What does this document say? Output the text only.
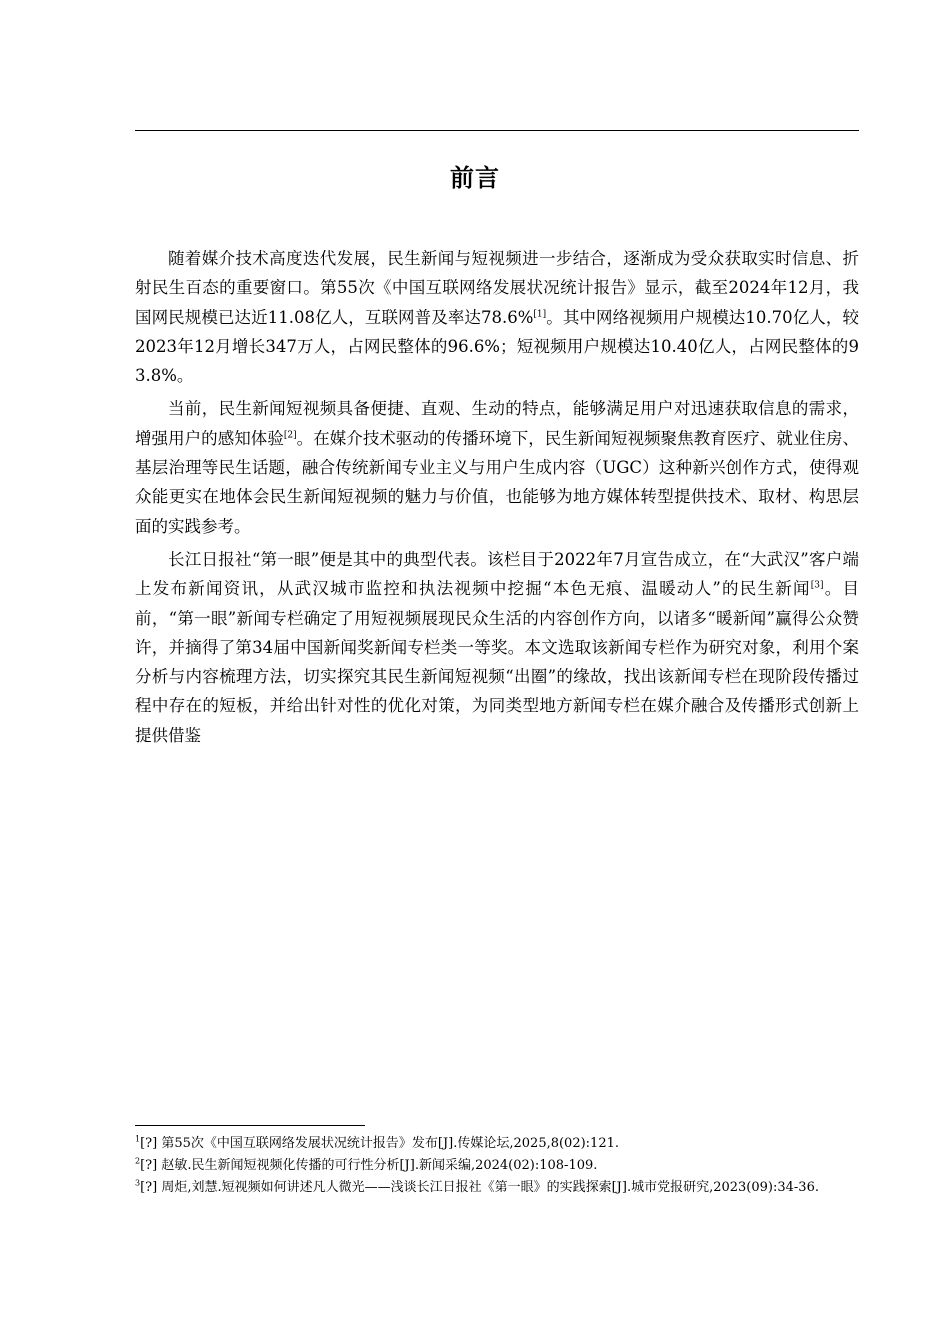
前言

随着媒介技术高度迭代发展，民生新闻与短视频进一步结合，逐渐成为受众获取实时信息、折射民生百态的重要窗口。第55次《中国互联网络发展状况统计报告》显示，截至2024年12月，我国网民规模已达近11.08亿人，互联网普及率达78.6%[1]。其中网络视频用户规模达10.70亿人，较2023年12月增长347万人，占网民整体的96.6%；短视频用户规模达10.40亿人，占网民整体的93.8%。

当前，民生新闻短视频具备便捷、直观、生动的特点，能够满足用户对迅速获取信息的需求，增强用户的感知体验[2]。在媒介技术驱动的传播环境下，民生新闻短视频聚焦教育医疗、就业住房、基层治理等民生话题，融合传统新闻专业主义与用户生成内容（UGC）这种新兴创作方式，使得观众能更实在地体会民生新闻短视频的魅力与价值，也能够为地方媒体转型提供技术、取材、构思层面的实践参考。

长江日报社“第一眼”便是其中的典型代表。该栏目于2022年7月宣告成立，在“大武汉”客户端上发布新闻资讯，从武汉城市监控和执法视频中挖掘“本色无痕、温暖动人”的民生新闻[3]。目前，“第一眼”新闻专栏确定了用短视频展现民众生活的内容创作方向，以诸多“暖新闻”赢得公众赞许，并摘得了第34届中国新闻奖新闻专栏类一等奖。本文选取该新闻专栏作为研究对象，利用个案分析与内容梳理方法，切实探究其民生新闻短视频“出圈”的缘故，找出该新闻专栏在现阶段传播过程中存在的短板，并给出针对性的优化对策，为同类型地方新闻专栏在媒介融合及传播形式创新上提供借鉴

$^1$[?] 第55次《中国互联网络发展状况统计报告》发布[J].传媒论坛,2025,8(02):121.

$^2$[?] 赵敏.民生新闻短视频化传播的可行性分析[J].新闻采编,2024(02):108-109.

$^3$[?] 周炬,刘慧.短视频如何讲述凡人微光——浅谈长江日报社《第一眼》的实践探索[J].城市党报研究,2023(09):34-36.
